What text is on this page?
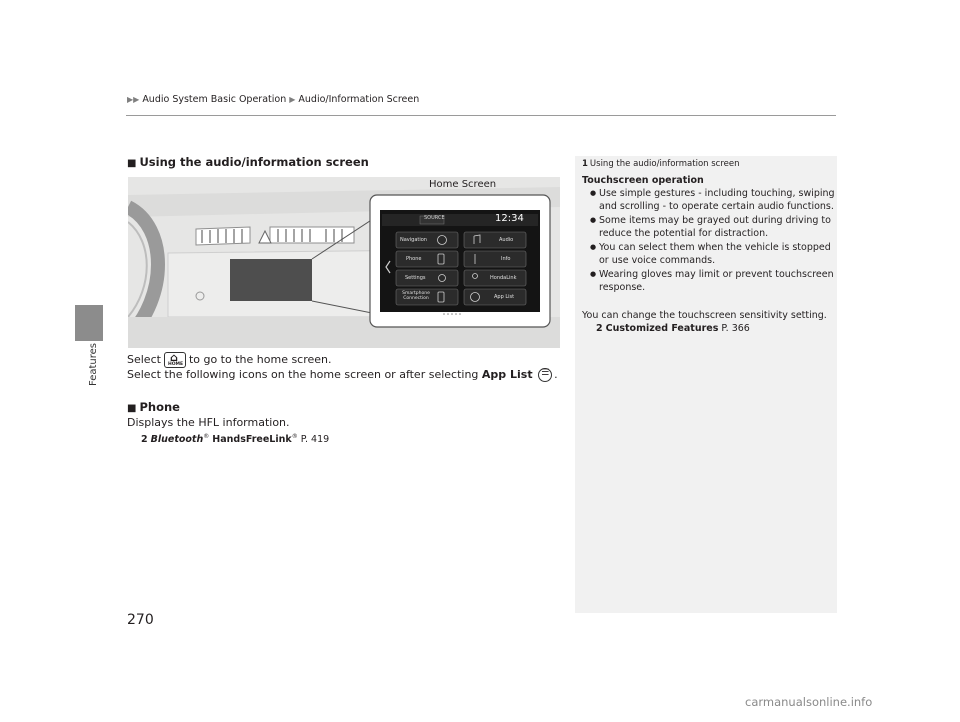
▶▶ Audio System Basic Operation ▶ Audio/Information Screen
Features
■ Using the audio/information screen
SOURCE	12:34
Navigation	Audio
Phone	Info
Settings	HondaLink
Smartphone Connection	App List
Home Screen
Select ⌂ HOME	to go to the home screen.
Select the following icons on the home screen or after selecting App List ☰ .
■ Phone
Displays the HFL information.
2 Bluetooth® HandsFreeLink® P. 419
1 Using the audio/information screen
Touchscreen operation
● Use simple gestures - including touching, swiping and scrolling - to operate certain audio functions.
● Some items may be grayed out during driving to reduce the potential for distraction.
● You can select them when the vehicle is stopped or use voice commands.
● Wearing gloves may limit or prevent touchscreen response.
You can change the touchscreen sensitivity setting.
2 Customized Features P. 366
270
carmanualsonline.info
